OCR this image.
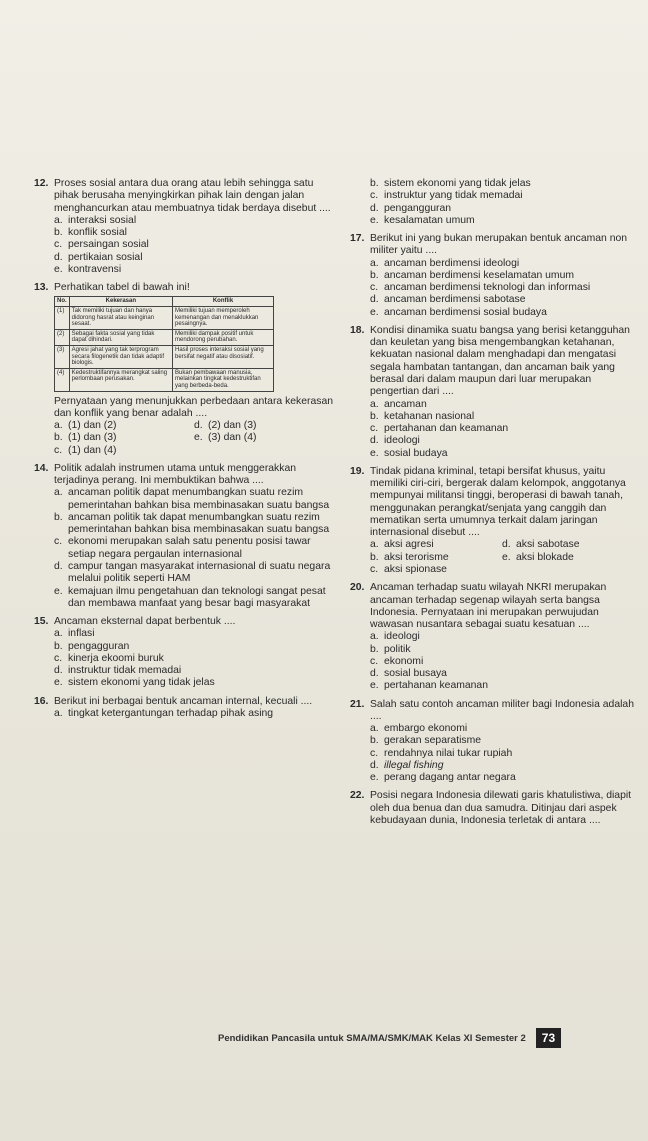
12. Proses sosial antara dua orang atau lebih sehingga satu pihak berusaha menyingkirkan pihak lain dengan jalan menghancurkan atau membuatnya tidak berdaya disebut ....
a. interaksi sosial
b. konflik sosial
c. persaingan sosial
d. pertikaian sosial
e. kontravensi
13. Perhatikan tabel di bawah ini!
No.	Kekerasan	Konflik
(1)	Tak memiliki tujuan dan hanya didorong hasrat atau keinginan sesaat.	Memiliki tujuan memperoleh kemenangan dan menaklukkan pesaingnya.
(2)	Sebagai fakta sosial yang tidak dapat dihindari.	Memiliki dampak positif untuk mendorong perubahan.
(3)	Agresi jahat yang tak terprogram secara filogenetik dan tidak adaptif biologis.	Hasil proses interaksi sosial yang bersifat negatif atau disosiatif.
(4)	Kedestruktifannya merangkat saling perlombaan perusakan.	Bukan pembawaan manusia, melainkan tingkat kedestruktifan yang berbeda-beda.
Pernyataan yang menunjukkan perbedaan antara kekerasan dan konflik yang benar adalah ....
a. (1) dan (2)	d. (2) dan (3)
b. (1) dan (3)	e. (3) dan (4)
c. (1) dan (4)
14. Politik adalah instrumen utama untuk menggerakkan terjadinya perang. Ini membuktikan bahwa ....
a. ancaman politik dapat menumbangkan suatu rezim pemerintahan bahkan bisa membinasakan suatu bangsa
b. ancaman politik tak dapat menumbangkan suatu rezim pemerintahan bahkan bisa membinasakan suatu bangsa
c. ekonomi merupakan salah satu penentu posisi tawar setiap negara pergaulan internasional
d. campur tangan masyarakat internasional di suatu negara melalui politik seperti HAM
e. kemajuan ilmu pengetahuan dan teknologi sangat pesat dan membawa manfaat yang besar bagi masyarakat
15. Ancaman eksternal dapat berbentuk ....
a. inflasi
b. pengagguran
c. kinerja ekoomi buruk
d. instruktur tidak memadai
e. sistem ekonomi yang tidak jelas
16. Berikut ini berbagai bentuk ancaman internal, kecuali ....
a. tingkat ketergantungan terhadap pihak asing
b. sistem ekonomi yang tidak jelas
c. instruktur yang tidak memadai
d. pengangguran
e. kesalamatan umum
17. Berikut ini yang bukan merupakan bentuk ancaman non militer yaitu ....
a. ancaman berdimensi ideologi
b. ancaman berdimensi keselamatan umum
c. ancaman berdimensi teknologi dan informasi
d. ancaman berdimensi sabotase
e. ancaman berdimensi sosial budaya
18. Kondisi dinamika suatu bangsa yang berisi ketangguhan dan keuletan yang bisa mengembangkan ketahanan, kekuatan nasional dalam menghadapi dan mengatasi segala hambatan tantangan, dan ancaman baik yang berasal dari dalam maupun dari luar merupakan pengertian dari ....
a. ancaman
b. ketahanan nasional
c. pertahanan dan keamanan
d. ideologi
e. sosial budaya
19. Tindak pidana kriminal, tetapi bersifat khusus, yaitu memiliki ciri-ciri, bergerak dalam kelompok, anggotanya mempunyai militansi tinggi, beroperasi di bawah tanah, menggunakan perangkat/senjata yang canggih dan mematikan serta umumnya terkait dalam jaringan internasional disebut ....
a. aksi agresi	d. aksi sabotase
b. aksi terorisme	e. aksi blokade
c. aksi spionase
20. Ancaman terhadap suatu wilayah NKRI merupakan ancaman terhadap segenap wilayah serta bangsa Indonesia. Pernyataan ini merupakan perwujudan wawasan nusantara sebagai suatu kesatuan ....
a. ideologi
b. politik
c. ekonomi
d. sosial busaya
e. pertahanan keamanan
21. Salah satu contoh ancaman militer bagi Indonesia adalah ....
a. embargo ekonomi
b. gerakan separatisme
c. rendahnya nilai tukar rupiah
d. illegal fishing
e. perang dagang antar negara
22. Posisi negara Indonesia dilewati garis khatulistiwa, diapit oleh dua benua dan dua samudra. Ditinjau dari aspek kebudayaan dunia, Indonesia terletak di antara ....
Pendidikan Pancasila untuk SMA/MA/SMK/MAK Kelas XI Semester 2	73
